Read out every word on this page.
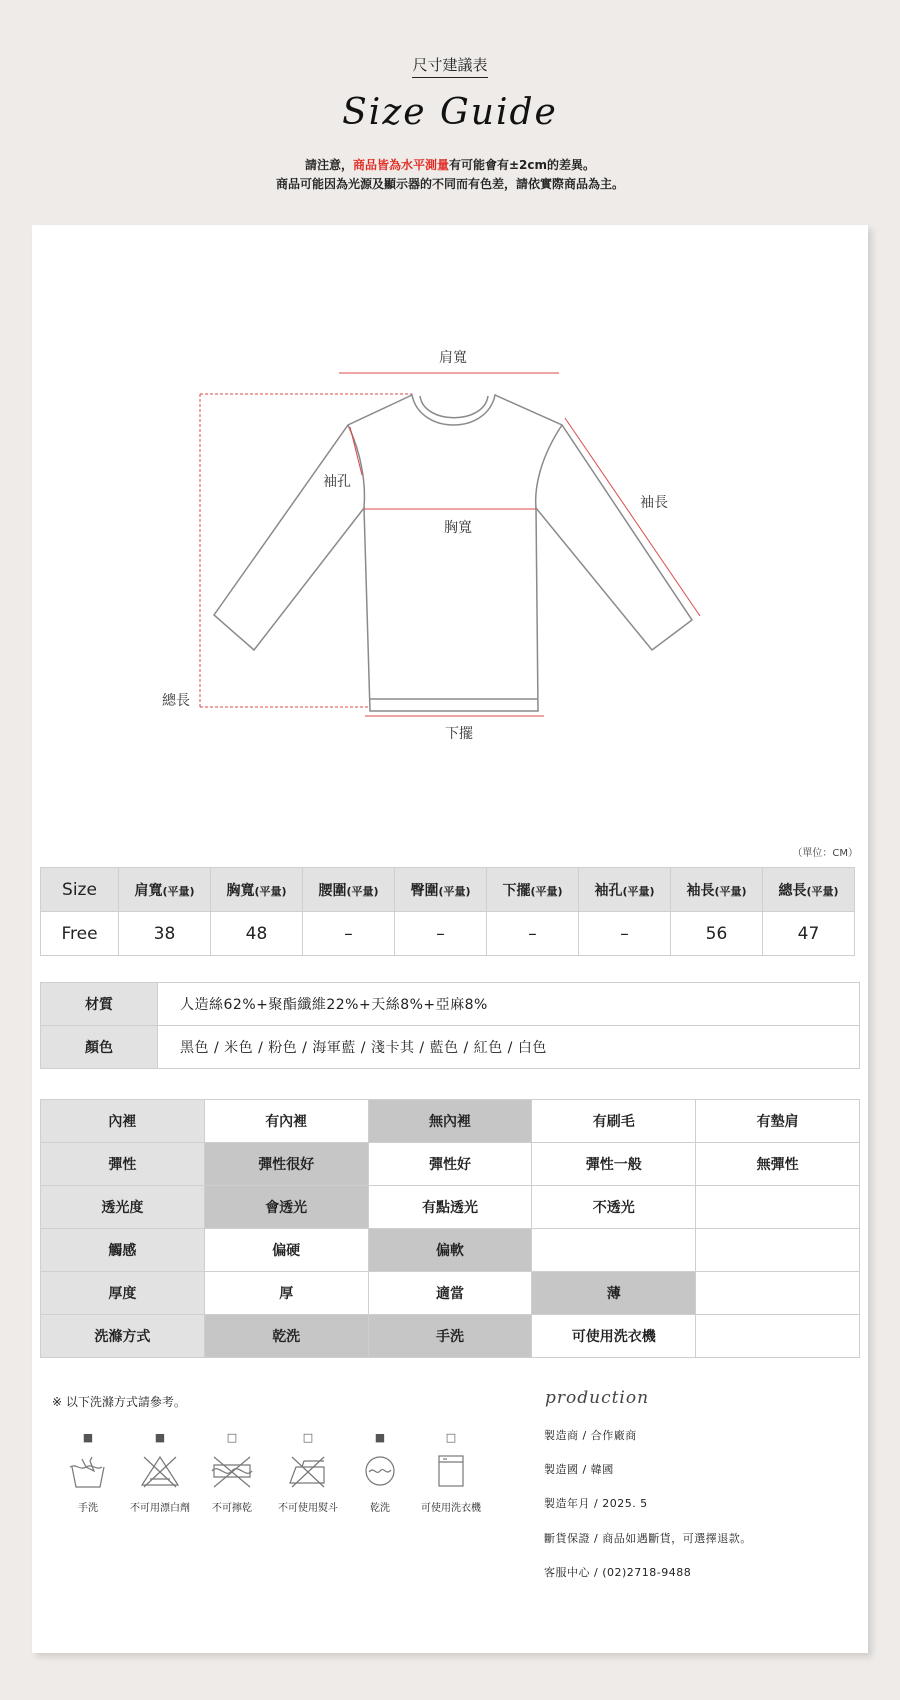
尺寸建議表
Size Guide
請注意，商品皆為水平測量有可能會有±2cm的差異。
商品可能因為光源及顯示器的不同而有色差，請依實際商品為主。
肩寬
袖孔
袖長
胸寬
總長
下擺
（單位：CM）
Size	肩寬(平量)	胸寬(平量)	腰圍(平量)	臀圍(平量)	下擺(平量)	袖孔(平量)	袖長(平量)	總長(平量)
Free	38	48	–	–	–	–	56	47
材質	人造絲62%+聚酯纖維22%+天絲8%+亞麻8%
顏色	黑色 / 米色 / 粉色 / 海軍藍 / 淺卡其 / 藍色 / 紅色 / 白色
內裡	有內裡	無內裡	有刷毛	有墊肩
彈性	彈性很好	彈性好	彈性一般	無彈性
透光度	會透光	有點透光	不透光	
觸感	偏硬	偏軟		
厚度	厚	適當	薄	
洗滌方式	乾洗	手洗	可使用洗衣機	
※ 以下洗滌方式請參考。
■
手洗
■
不可用漂白劑
□
不可擰乾
□
不可使用熨斗
■
乾洗
□
可使用洗衣機
production
製造商 / 合作廠商
製造國 / 韓國
製造年月 / 2025. 5
斷貨保證 / 商品如遇斷貨，可選擇退款。
客服中心 / (02)2718-9488
